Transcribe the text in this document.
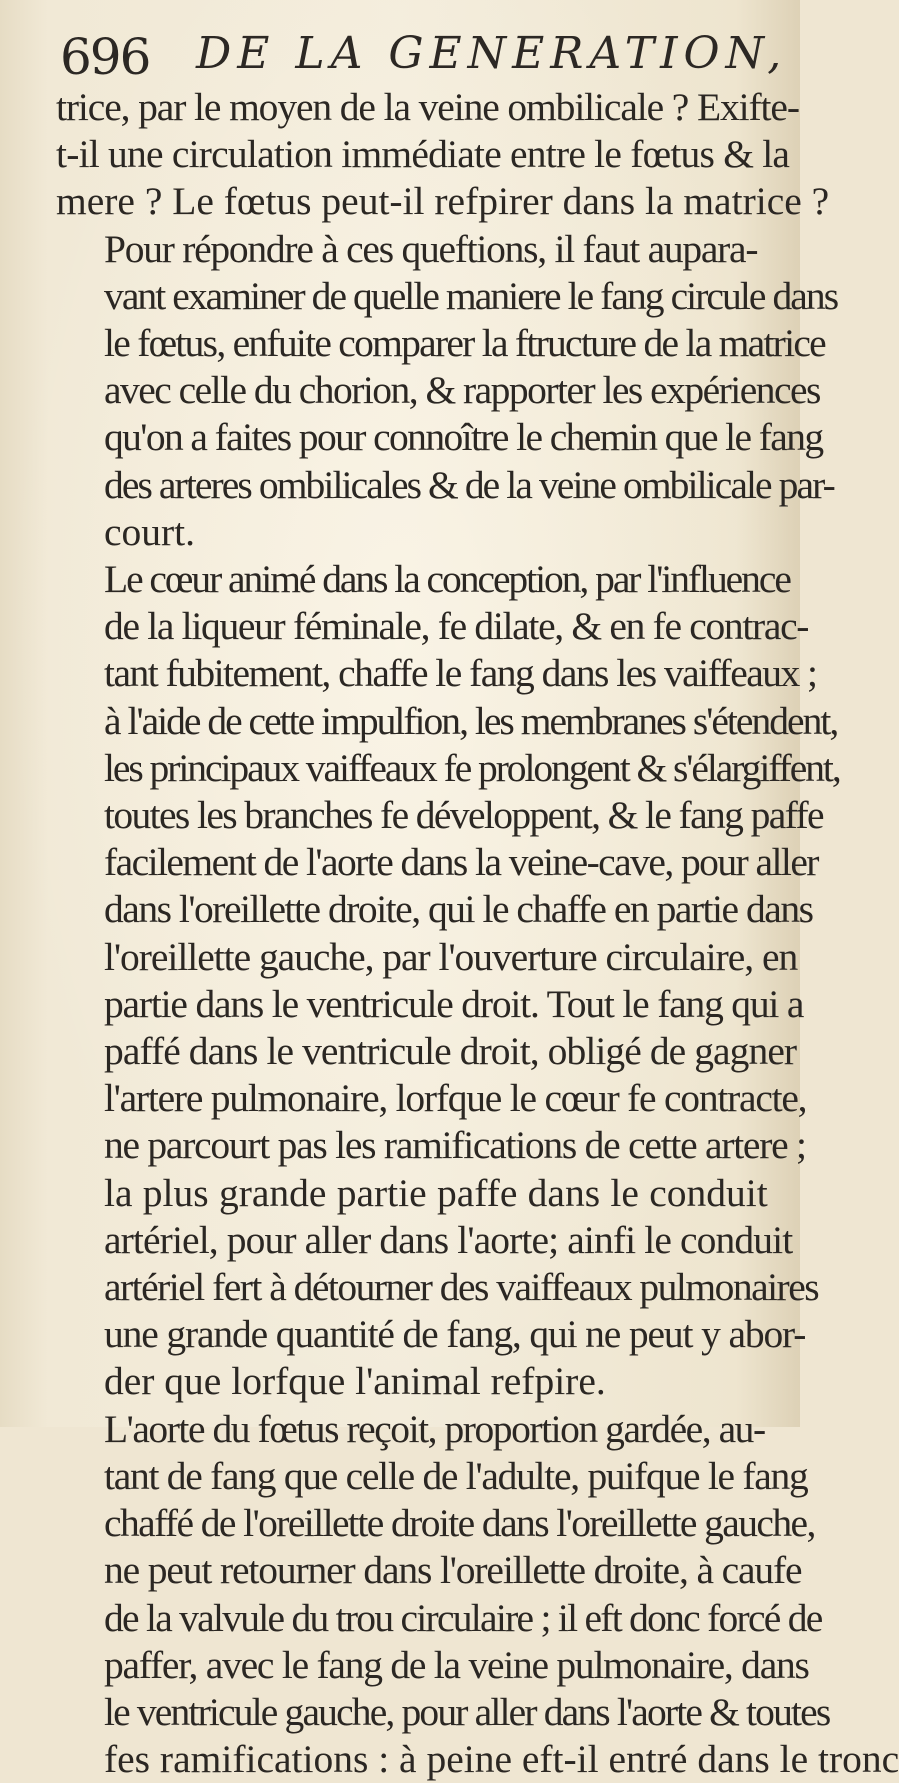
696 DE LA GENERATION,
trice, par le moyen de la veine ombilicale ? Exifte-
t-il une circulation immédiate entre le fœtus & la
mere ? Le fœtus peut-il refpirer dans la matrice ?
Pour répondre à ces queftions, il faut aupara-
vant examiner de quelle maniere le fang circule dans
le fœtus, enfuite comparer la ftructure de la matrice
avec celle du chorion, & rapporter les expériences
qu'on a faites pour connoître le chemin que le fang
des arteres ombilicales & de la veine ombilicale par-
court.
Le cœur animé dans la conception, par l'influence
de la liqueur féminale, fe dilate, & en fe contrac-
tant fubitement, chaffe le fang dans les vaiffeaux ;
à l'aide de cette impulfion, les membranes s'étendent,
les principaux vaiffeaux fe prolongent & s'élargiffent,
toutes les branches fe développent, & le fang paffe
facilement de l'aorte dans la veine-cave, pour aller
dans l'oreillette droite, qui le chaffe en partie dans
l'oreillette gauche, par l'ouverture circulaire, en
partie dans le ventricule droit. Tout le fang qui a
paffé dans le ventricule droit, obligé de gagner
l'artere pulmonaire, lorfque le cœur fe contracte,
ne parcourt pas les ramifications de cette artere ;
la plus grande partie paffe dans le conduit
artériel, pour aller dans l'aorte; ainfi le conduit
artériel fert à détourner des vaiffeaux pulmonaires
une grande quantité de fang, qui ne peut y abor-
der que lorfque l'animal refpire.
L'aorte du fœtus reçoit, proportion gardée, au-
tant de fang que celle de l'adulte, puifque le fang
chaffé de l'oreillette droite dans l'oreillette gauche,
ne peut retourner dans l'oreillette droite, à caufe
de la valvule du trou circulaire ; il eft donc forcé de
paffer, avec le fang de la veine pulmonaire, dans
le ventricule gauche, pour aller dans l'aorte & toutes
fes ramifications : à peine eft-il entré dans le tronc
